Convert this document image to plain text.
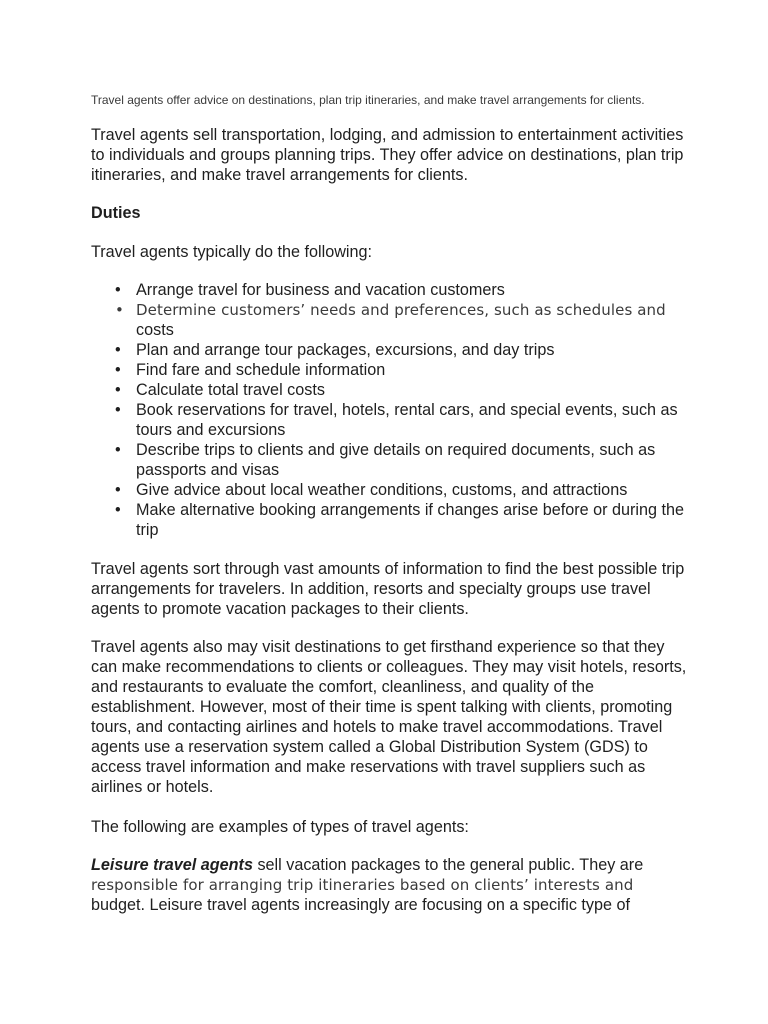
Travel agents offer advice on destinations, plan trip itineraries, and make travel arrangements for clients.
Travel agents sell transportation, lodging, and admission to entertainment activities to individuals and groups planning trips. They offer advice on destinations, plan trip itineraries, and make travel arrangements for clients.
Duties
Travel agents typically do the following:
• Arrange travel for business and vacation customers
• Determine customers’ needs and preferences, such as schedules and
costs
• Plan and arrange tour packages, excursions, and day trips
• Find fare and schedule information
• Calculate total travel costs
• Book reservations for travel, hotels, rental cars, and special events, such as tours and excursions
• Describe trips to clients and give details on required documents, such as passports and visas
• Give advice about local weather conditions, customs, and attractions
• Make alternative booking arrangements if changes arise before or during the trip
Travel agents sort through vast amounts of information to find the best possible trip arrangements for travelers. In addition, resorts and specialty groups use travel agents to promote vacation packages to their clients.
Travel agents also may visit destinations to get firsthand experience so that they can make recommendations to clients or colleagues. They may visit hotels, resorts, and restaurants to evaluate the comfort, cleanliness, and quality of the establishment. However, most of their time is spent talking with clients, promoting tours, and contacting airlines and hotels to make travel accommodations. Travel agents use a reservation system called a Global Distribution System (GDS) to access travel information and make reservations with travel suppliers such as airlines or hotels.
The following are examples of types of travel agents:
Leisure travel agents sell vacation packages to the general public. They are
responsible for arranging trip itineraries based on clients’ interests and
budget. Leisure travel agents increasingly are focusing on a specific type of
